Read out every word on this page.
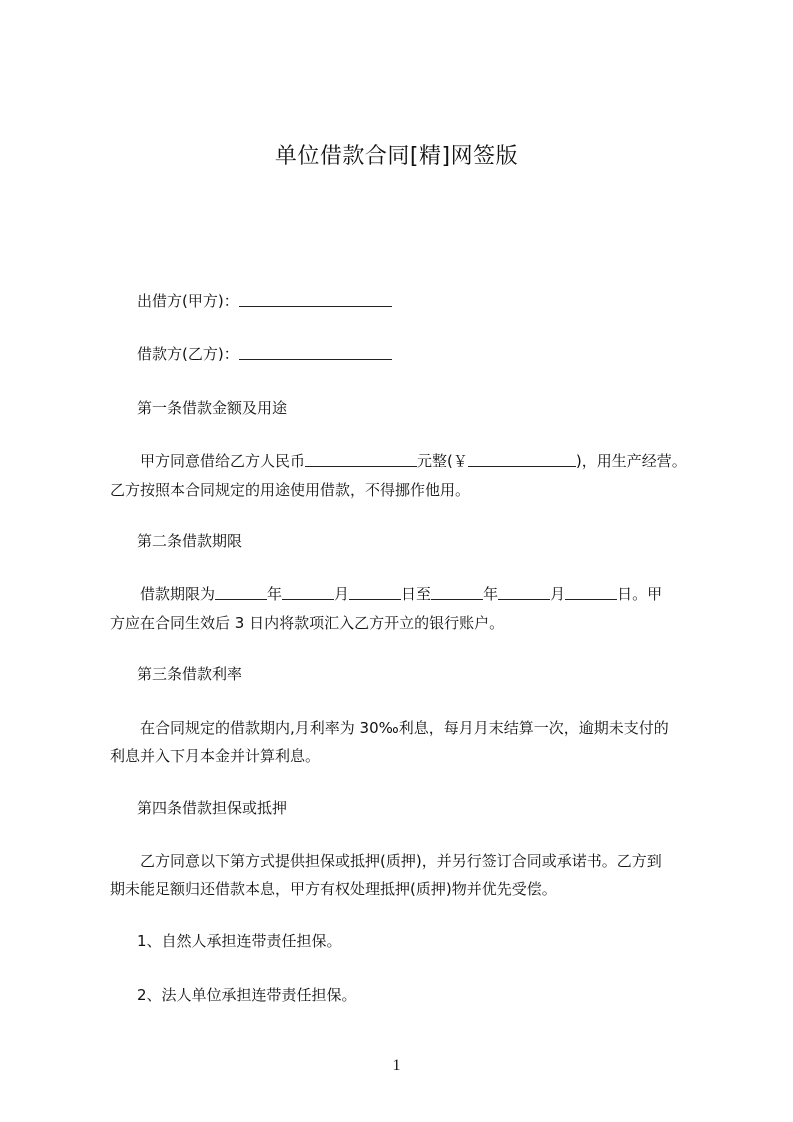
单位借款合同[精]网签版
出借方(甲方)：
借款方(乙方)：
第一条借款金额及用途
甲方同意借给乙方人民币	元整(￥	)，用生产经营。
乙方按照本合同规定的用途使用借款，不得挪作他用。
第二条借款期限
借款期限为	年	月	日至	年	月	日。甲
方应在合同生效后 3 日内将款项汇入乙方开立的银行账户。
第三条借款利率
在合同规定的借款期内,月利率为 30‰利息，每月月末结算一次，逾期未支付的
利息并入下月本金并计算利息。
第四条借款担保或抵押
乙方同意以下第方式提供担保或抵押(质押)，并另行签订合同或承诺书。乙方到
期未能足额归还借款本息，甲方有权处理抵押(质押)物并优先受偿。
1、自然人承担连带责任担保。
2、法人单位承担连带责任担保。
1
